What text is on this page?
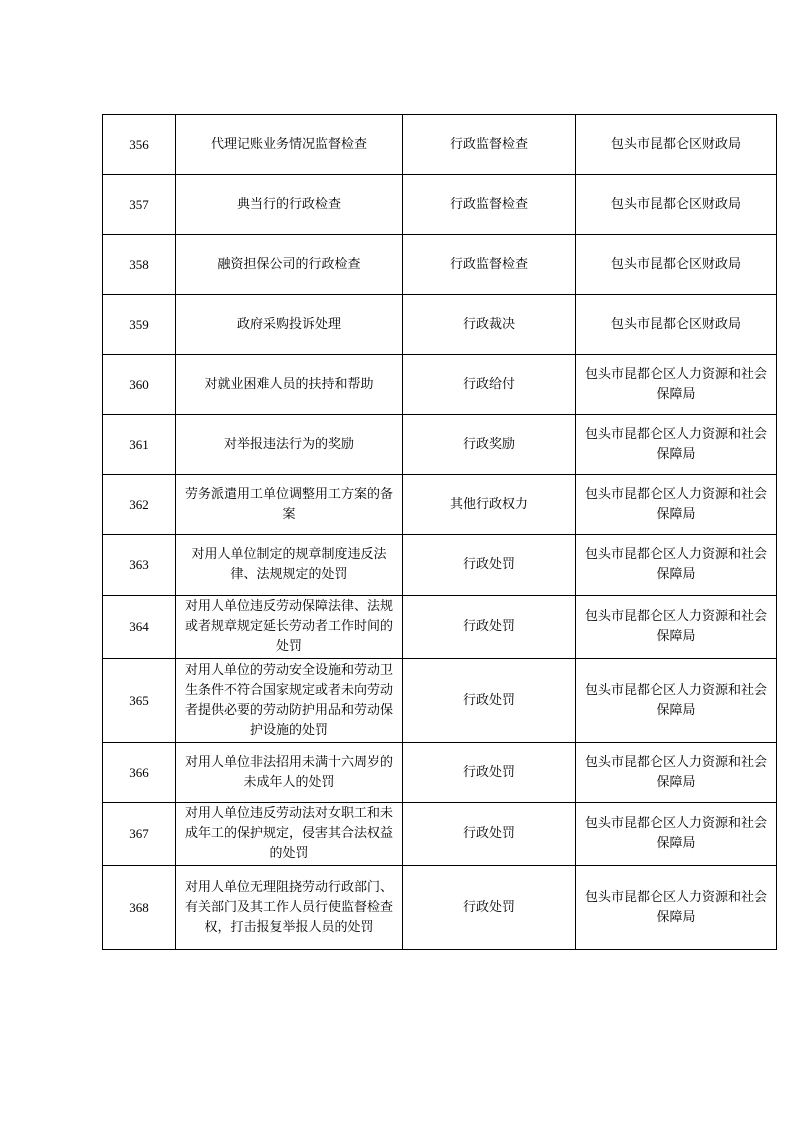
356	代理记账业务情况监督检查	行政监督检查	包头市昆都仑区财政局
357	典当行的行政检查	行政监督检查	包头市昆都仑区财政局
358	融资担保公司的行政检查	行政监督检查	包头市昆都仑区财政局
359	政府采购投诉处理	行政裁决	包头市昆都仑区财政局
360	对就业困难人员的扶持和帮助	行政给付	包头市昆都仑区人力资源和社会保障局
361	对举报违法行为的奖励	行政奖励	包头市昆都仑区人力资源和社会保障局
362	劳务派遣用工单位调整用工方案的备案	其他行政权力	包头市昆都仑区人力资源和社会保障局
363	对用人单位制定的规章制度违反法律、法规规定的处罚	行政处罚	包头市昆都仑区人力资源和社会保障局
364	对用人单位违反劳动保障法律、法规或者规章规定延长劳动者工作时间的处罚	行政处罚	包头市昆都仑区人力资源和社会保障局
365	对用人单位的劳动安全设施和劳动卫生条件不符合国家规定或者未向劳动者提供必要的劳动防护用品和劳动保护设施的处罚	行政处罚	包头市昆都仑区人力资源和社会保障局
366	对用人单位非法招用未满十六周岁的未成年人的处罚	行政处罚	包头市昆都仑区人力资源和社会保障局
367	对用人单位违反劳动法对女职工和未成年工的保护规定，侵害其合法权益的处罚	行政处罚	包头市昆都仑区人力资源和社会保障局
368	对用人单位无理阻挠劳动行政部门、有关部门及其工作人员行使监督检查权，打击报复举报人员的处罚	行政处罚	包头市昆都仑区人力资源和社会保障局
